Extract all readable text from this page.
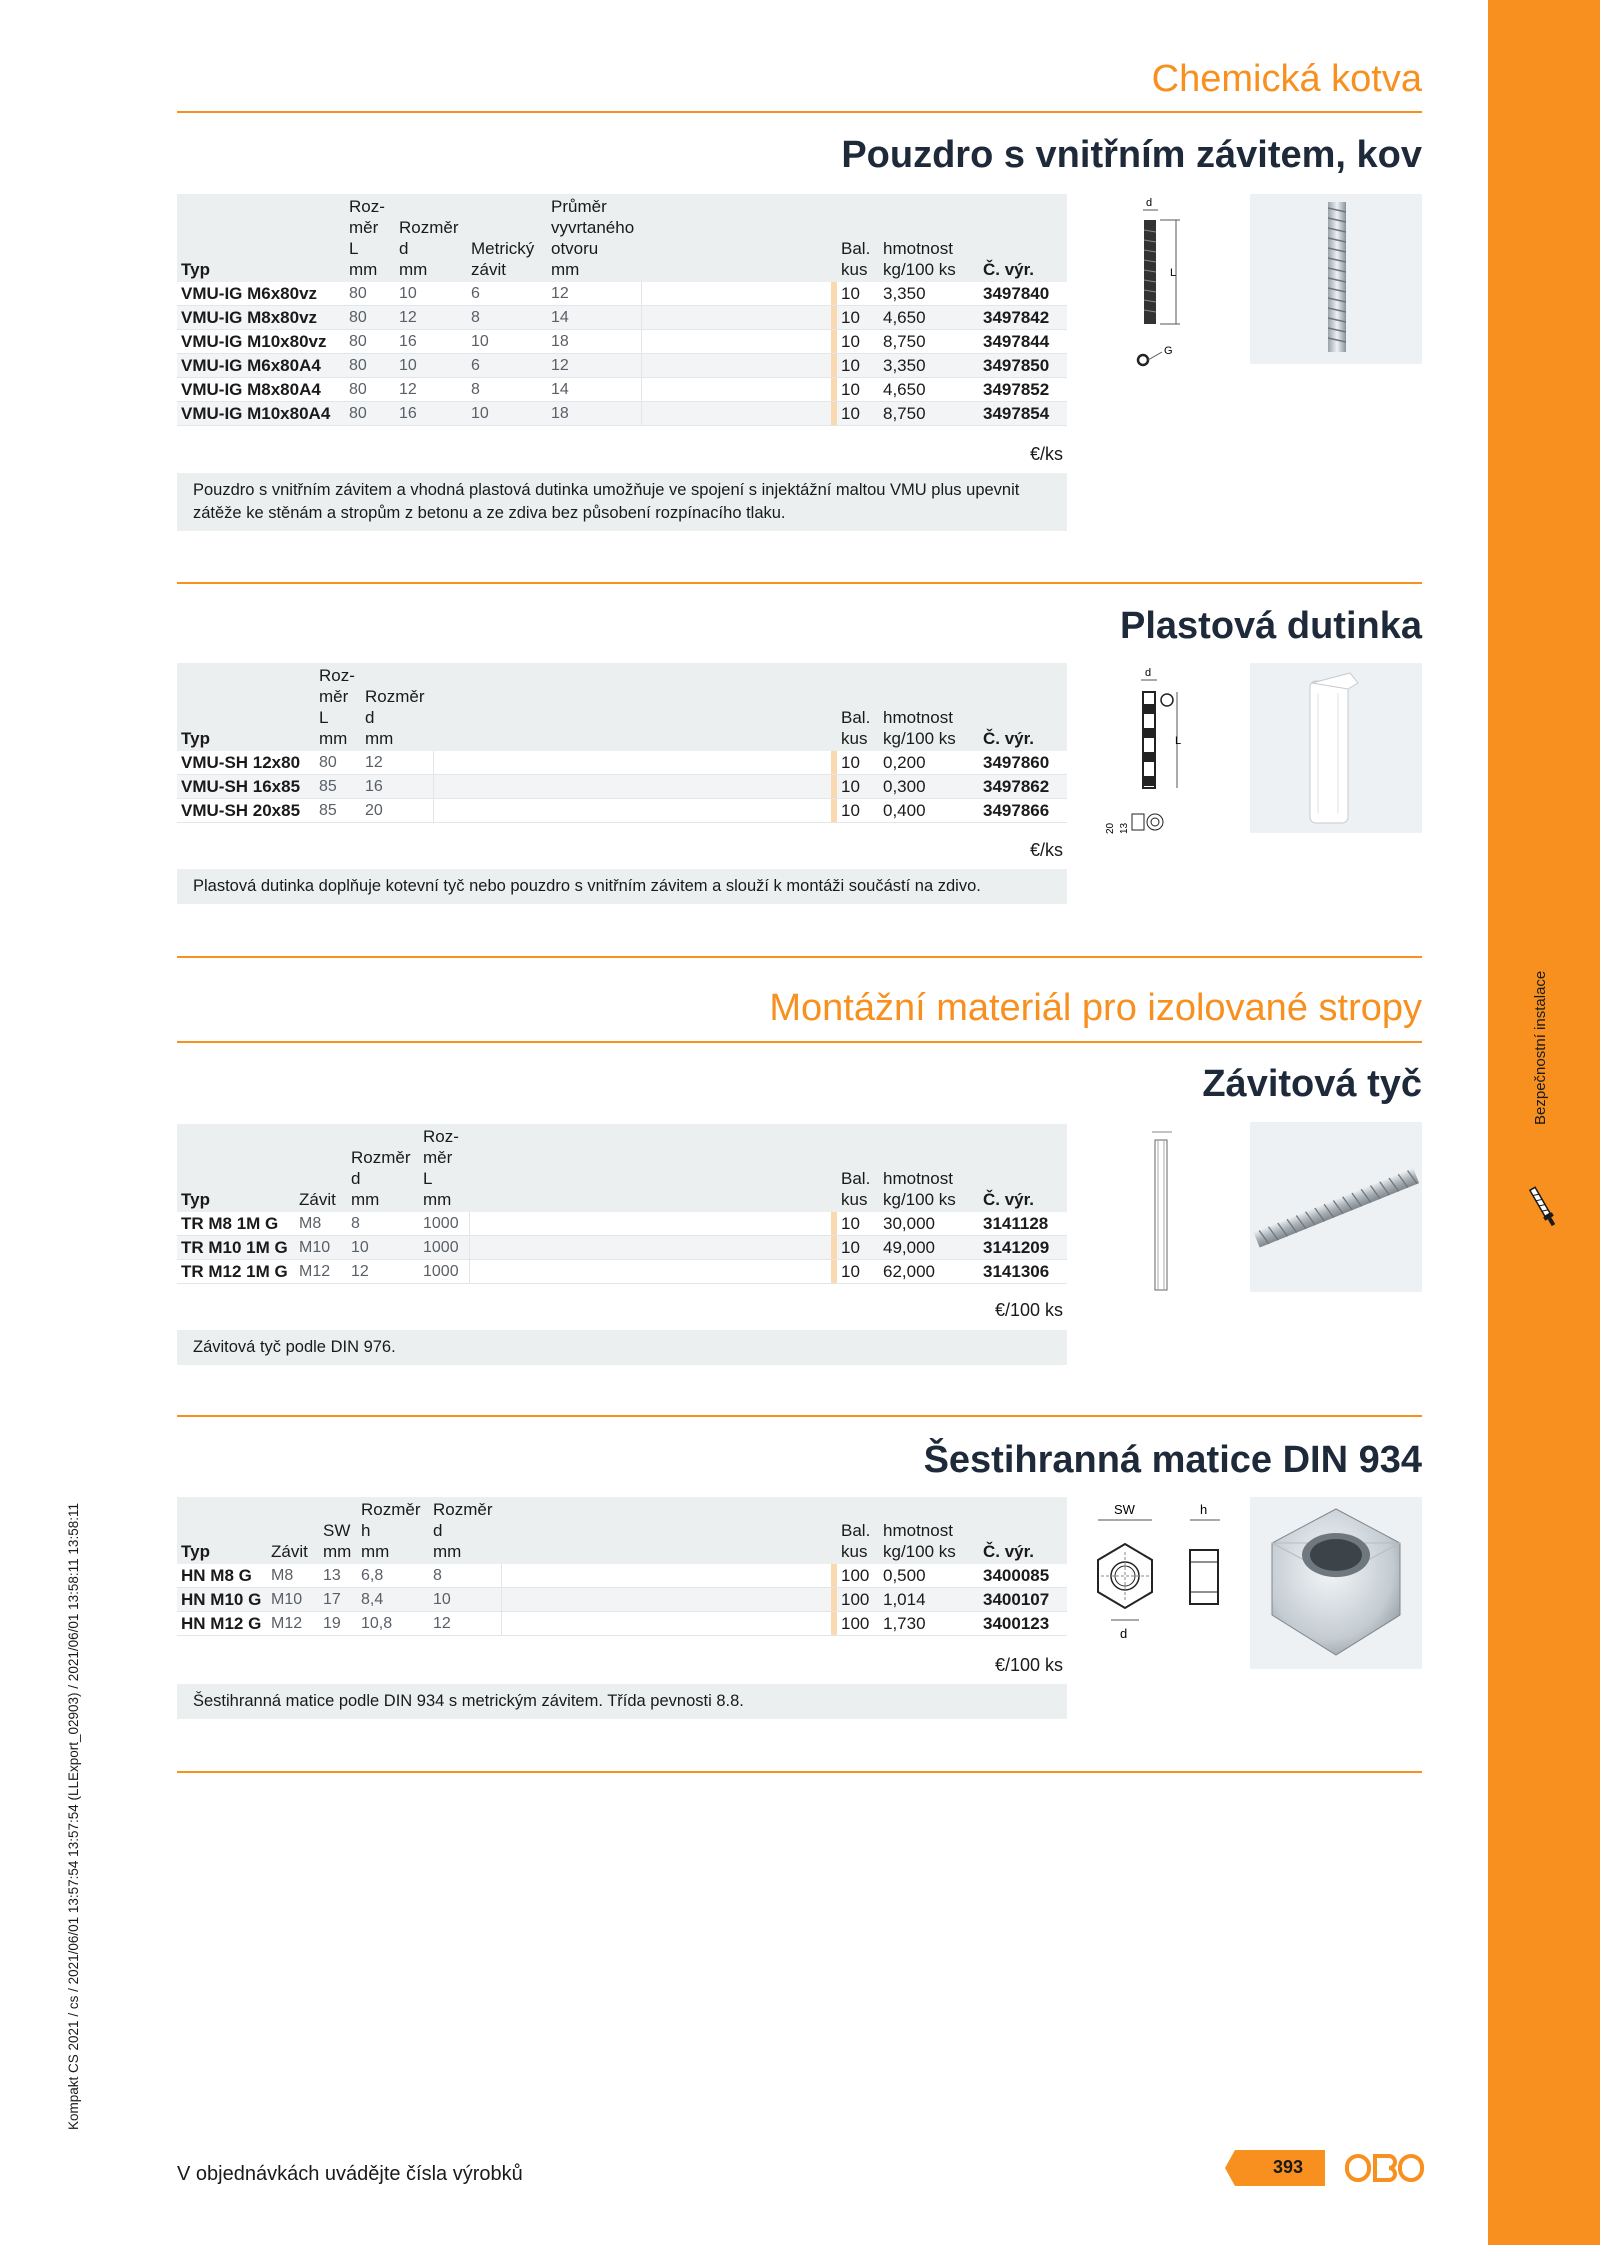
Bezpečnostní instalace
Kompakt CS 2021 / cs / 2021/06/01 13:57:54 13:57:54 (LLExport_02903) / 2021/06/01 13:58:11 13:58:11
Chemická kotva
Pouzdro s vnitřním závitem, kov
Typ	Roz-
měr
L
mm	Rozměr
d
mm	Metrický
závit	Průměr
vyvrtaného
otvoru
mm			Bal.
kus	hmotnost
kg/100 ks	Č. výr.
VMU-IG M6x80vz	80	10	6	12			10	3,350	3497840
VMU-IG M8x80vz	80	12	8	14			10	4,650	3497842
VMU-IG M10x80vz	80	16	10	18			10	8,750	3497844
VMU-IG M6x80A4	80	10	6	12			10	3,350	3497850
VMU-IG M8x80A4	80	12	8	14			10	4,650	3497852
VMU-IG M10x80A4	80	16	10	18			10	8,750	3497854
€/ks
Pouzdro s vnitřním závitem a vhodná plastová dutinka umožňuje ve spojení s injektážní maltou VMU plus upevnit zátěže ke stěnám a stropům z betonu a ze zdiva bez působení rozpínacího tlaku.
d
L
G
Plastová dutinka
Typ	Roz-
měr
L
mm	Rozměr
d
mm			Bal.
kus	hmotnost
kg/100 ks	Č. výr.
VMU-SH 12x80	80	12			10	0,200	3497860
VMU-SH 16x85	85	16			10	0,300	3497862
VMU-SH 20x85	85	20			10	0,400	3497866
€/ks
Plastová dutinka doplňuje kotevní tyč nebo pouzdro s vnitřním závitem a slouží k montáži součástí na zdivo.
d
L
20 13
Montážní materiál pro izolované stropy
Závitová tyč
Typ	Závit	Rozměr
d
mm	Roz-
měr
L
mm			Bal.
kus	hmotnost
kg/100 ks	Č. výr.
TR M8 1M G	M8	8	1000			10	30,000	3141128
TR M10 1M G	M10	10	1000			10	49,000	3141209
TR M12 1M G	M12	12	1000			10	62,000	3141306
€/100 ks
Závitová tyč podle DIN 976.
Šestihranná matice DIN 934
Typ	Závit	SW
mm	Rozměr
h
mm	Rozměr
d
mm			Bal.
kus	hmotnost
kg/100 ks	Č. výr.
HN M8 G	M8	13	6,8	8			100	0,500	3400085
HN M10 G	M10	17	8,4	10			100	1,014	3400107
HN M12 G	M12	19	10,8	12			100	1,730	3400123
€/100 ks
Šestihranná matice podle DIN 934 s metrickým závitem. Třída pevnosti 8.8.
SW	h
d
V objednávkách uvádějte čísla výrobků	393
